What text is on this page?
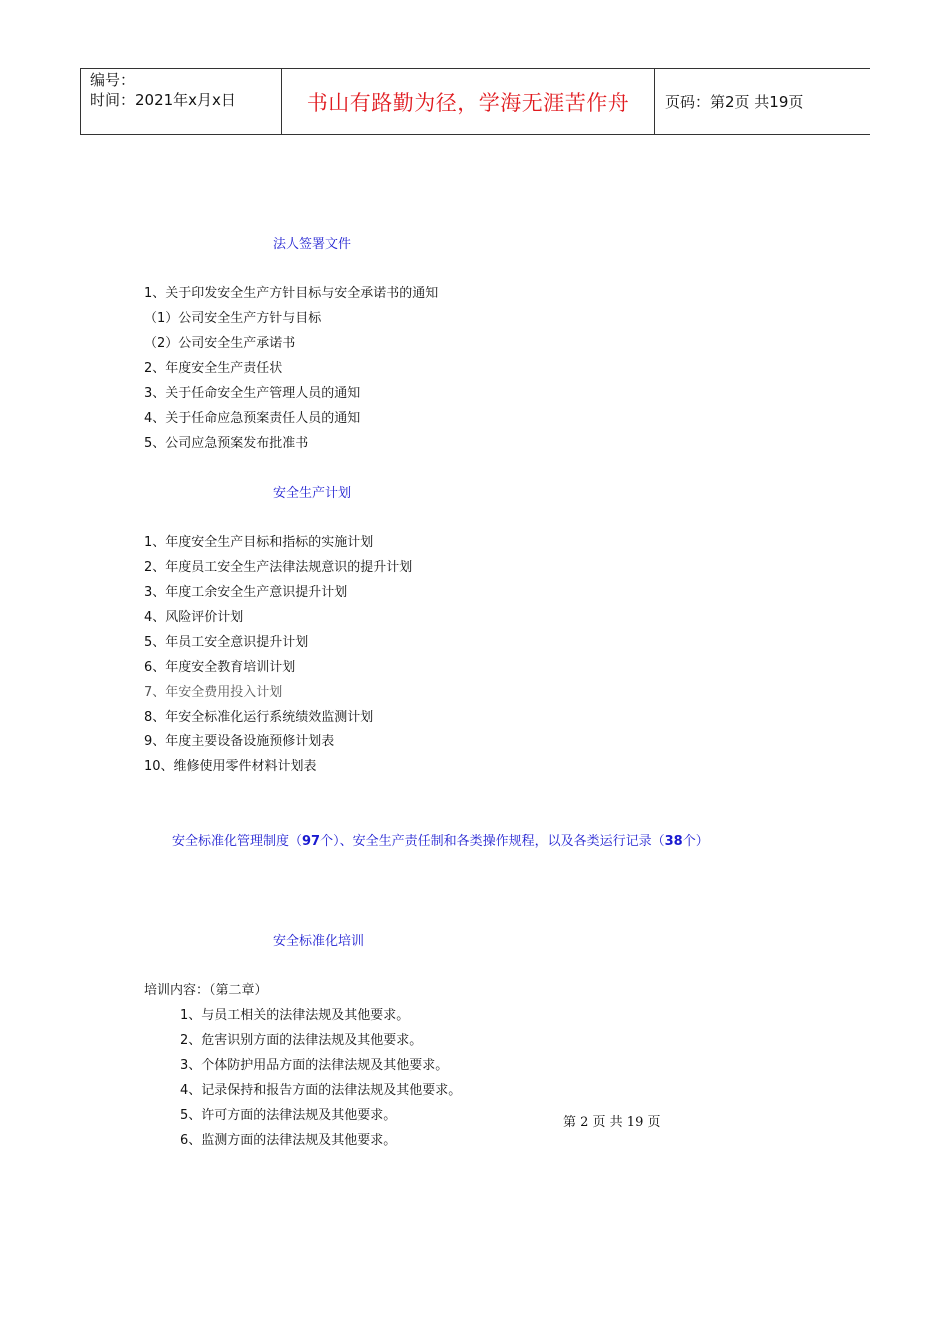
编号：
时间：2021年x月x日	书山有路勤为径，学海无涯苦作舟 页码：第2页 共19页
法人签署文件
1、关于印发安全生产方针目标与安全承诺书的通知
（1）公司安全生产方针与目标
（2）公司安全生产承诺书
2、年度安全生产责任状
3、关于任命安全生产管理人员的通知
4、关于任命应急预案责任人员的通知
5、公司应急预案发布批准书
安全生产计划
1、年度安全生产目标和指标的实施计划
2、年度员工安全生产法律法规意识的提升计划
3、年度工余安全生产意识提升计划
4、风险评价计划
5、年员工安全意识提升计划
6、年度安全教育培训计划
7、年安全费用投入计划
8、年安全标准化运行系统绩效监测计划
9、年度主要设备设施预修计划表
10、维修使用零件材料计划表
安全标准化管理制度（97个）、安全生产责任制和各类操作规程，以及各类运行记录（38个）
安全标准化培训
培训内容：（第二章）
1、与员工相关的法律法规及其他要求。
2、危害识别方面的法律法规及其他要求。
3、个体防护用品方面的法律法规及其他要求。
4、记录保持和报告方面的法律法规及其他要求。
5、许可方面的法律法规及其他要求。
6、监测方面的法律法规及其他要求。
第 2 页 共 19 页
